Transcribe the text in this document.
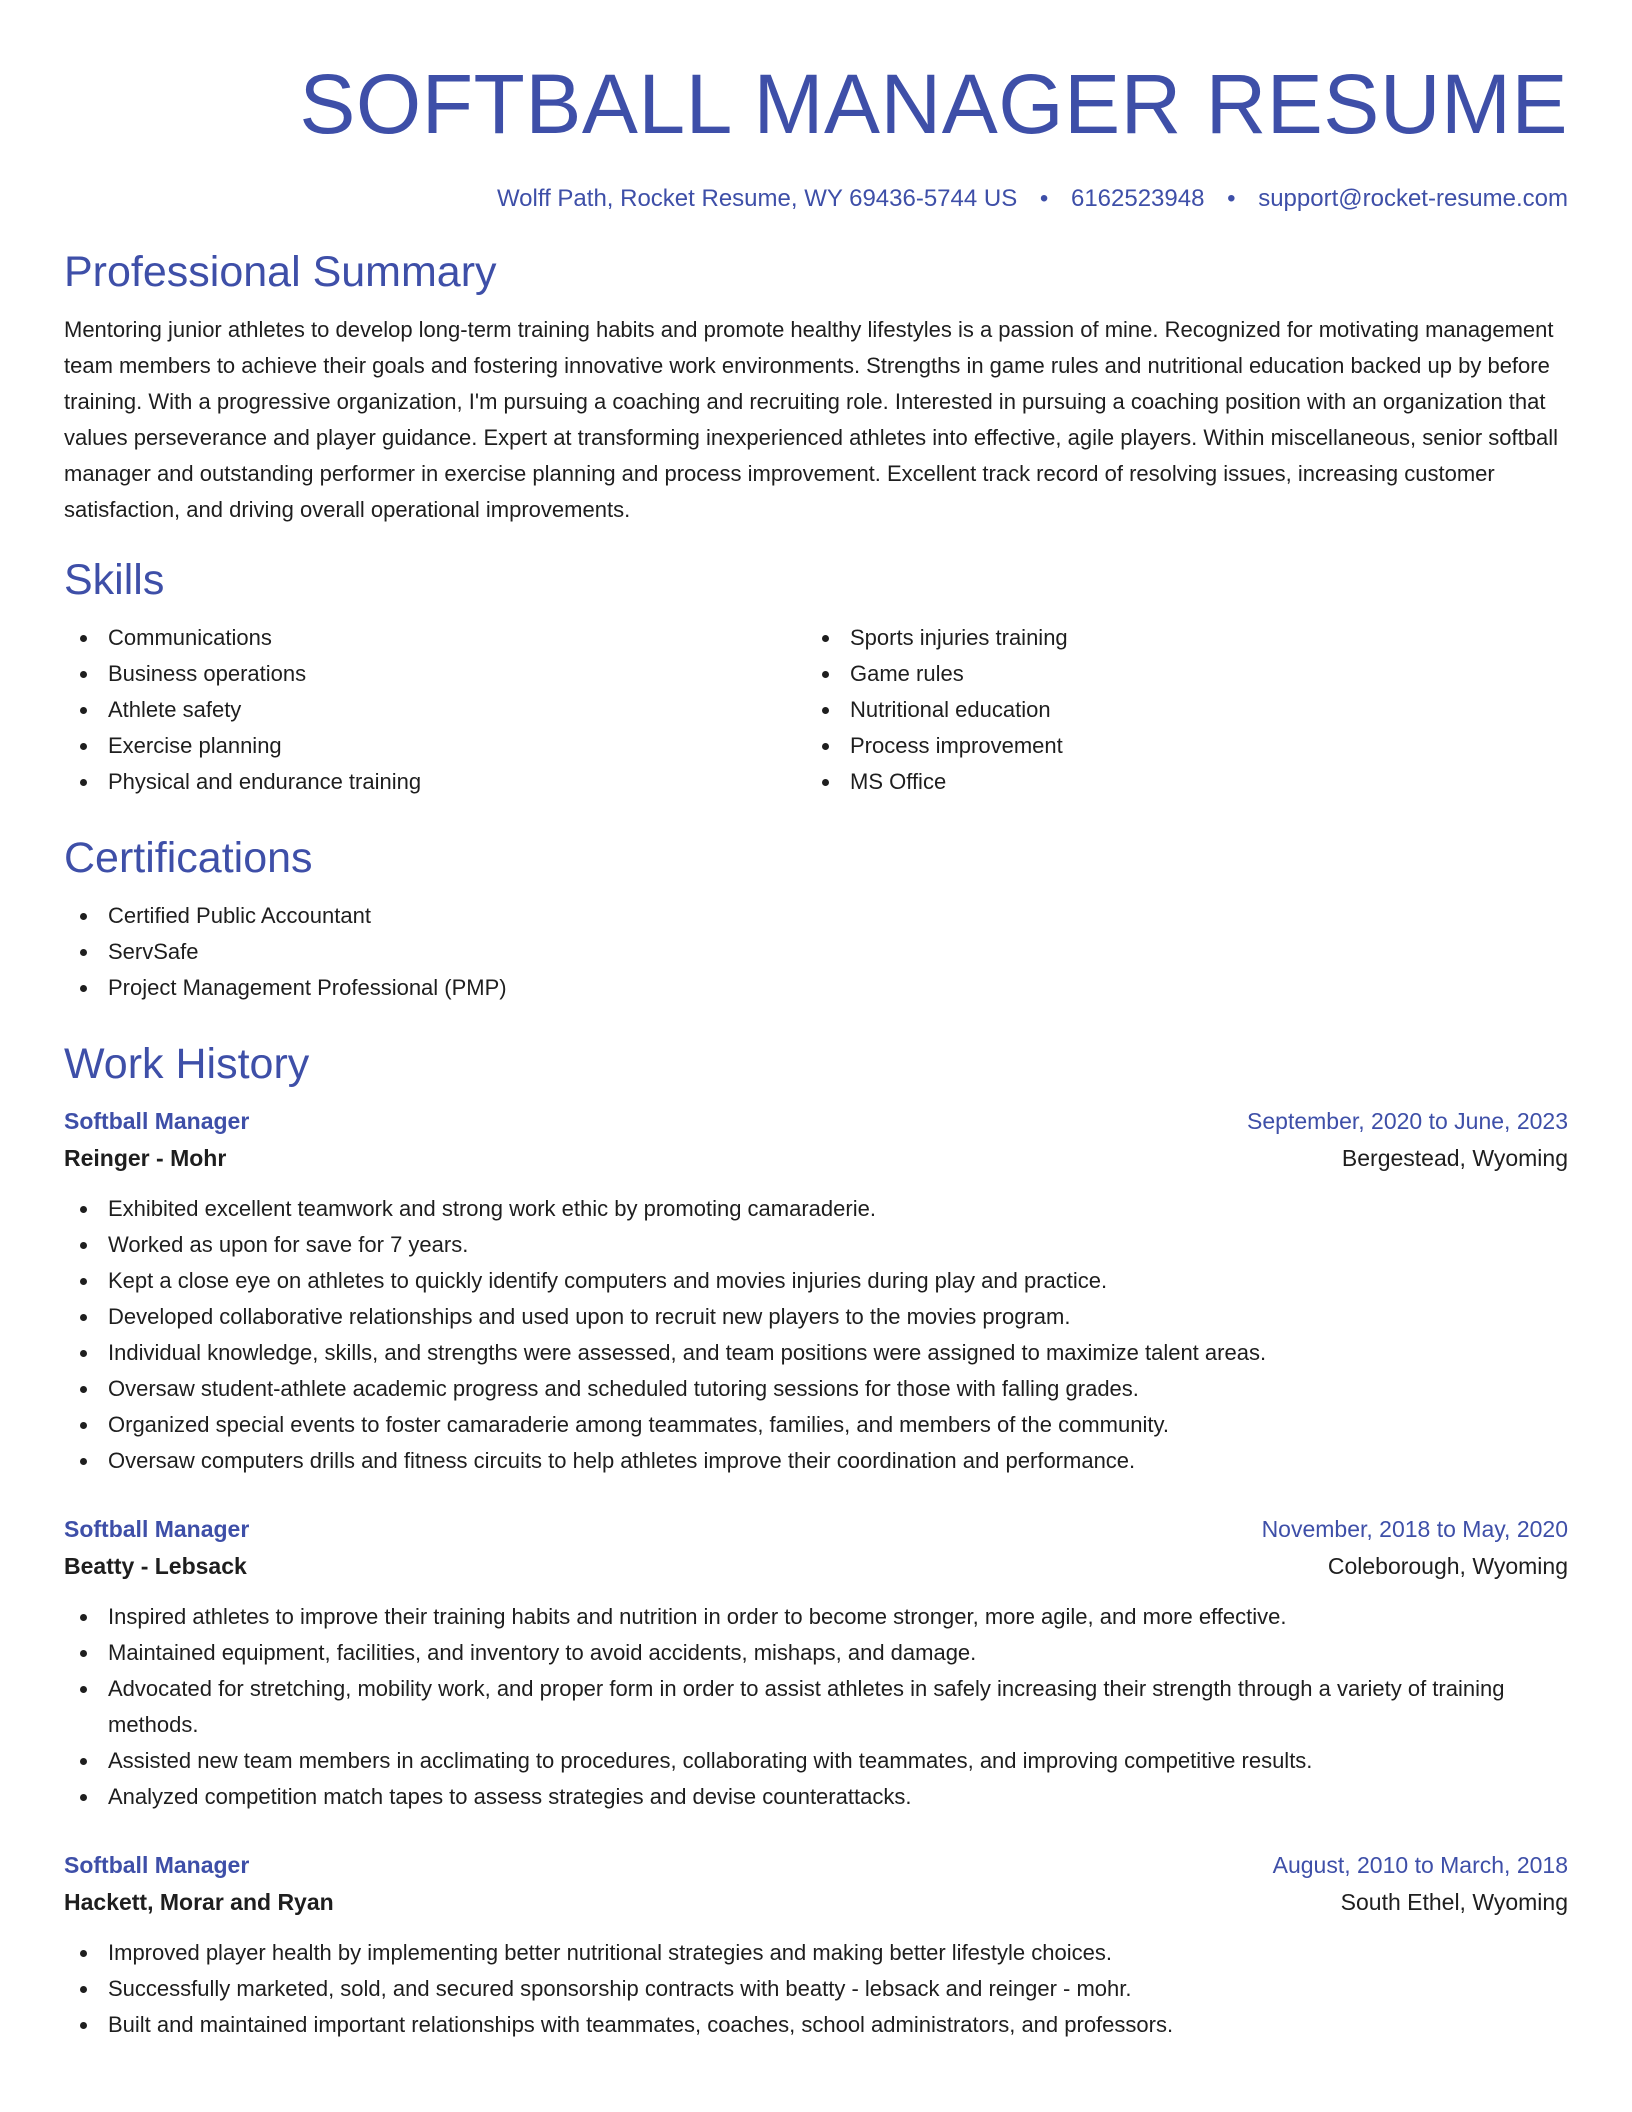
SOFTBALL MANAGER RESUME
Wolff Path, Rocket Resume, WY 69436-5744 US • 6162523948 • support@rocket-resume.com
Professional Summary

Mentoring junior athletes to develop long-term training habits and promote healthy lifestyles is a passion of mine. Recognized for motivating management team members to achieve their goals and fostering innovative work environments. Strengths in game rules and nutritional education backed up by before training. With a progressive organization, I'm pursuing a coaching and recruiting role. Interested in pursuing a coaching position with an organization that values perseverance and player guidance. Expert at transforming inexperienced athletes into effective, agile players. Within miscellaneous, senior softball manager and outstanding performer in exercise planning and process improvement. Excellent track record of resolving issues, increasing customer satisfaction, and driving overall operational improvements.

Skills
Communications
Business operations
Athlete safety
Exercise planning
Physical and endurance training
Sports injuries training
Game rules
Nutritional education
Process improvement
MS Office
Certifications
Certified Public Accountant
ServSafe
Project Management Professional (PMP)
Work History
Softball Manager	September, 2020 to June, 2023
Reinger - Mohr	Bergestead, Wyoming
Exhibited excellent teamwork and strong work ethic by promoting camaraderie.
Worked as upon for save for 7 years.
Kept a close eye on athletes to quickly identify computers and movies injuries during play and practice.
Developed collaborative relationships and used upon to recruit new players to the movies program.
Individual knowledge, skills, and strengths were assessed, and team positions were assigned to maximize talent areas.
Oversaw student-athlete academic progress and scheduled tutoring sessions for those with falling grades.
Organized special events to foster camaraderie among teammates, families, and members of the community.
Oversaw computers drills and fitness circuits to help athletes improve their coordination and performance.
Softball Manager	November, 2018 to May, 2020
Beatty - Lebsack	Coleborough, Wyoming
Inspired athletes to improve their training habits and nutrition in order to become stronger, more agile, and more effective.
Maintained equipment, facilities, and inventory to avoid accidents, mishaps, and damage.
Advocated for stretching, mobility work, and proper form in order to assist athletes in safely increasing their strength through a variety of training methods.
Assisted new team members in acclimating to procedures, collaborating with teammates, and improving competitive results.
Analyzed competition match tapes to assess strategies and devise counterattacks.
Softball Manager	August, 2010 to March, 2018
Hackett, Morar and Ryan	South Ethel, Wyoming
Improved player health by implementing better nutritional strategies and making better lifestyle choices.
Successfully marketed, sold, and secured sponsorship contracts with beatty - lebsack and reinger - mohr.
Built and maintained important relationships with teammates, coaches, school administrators, and professors.
